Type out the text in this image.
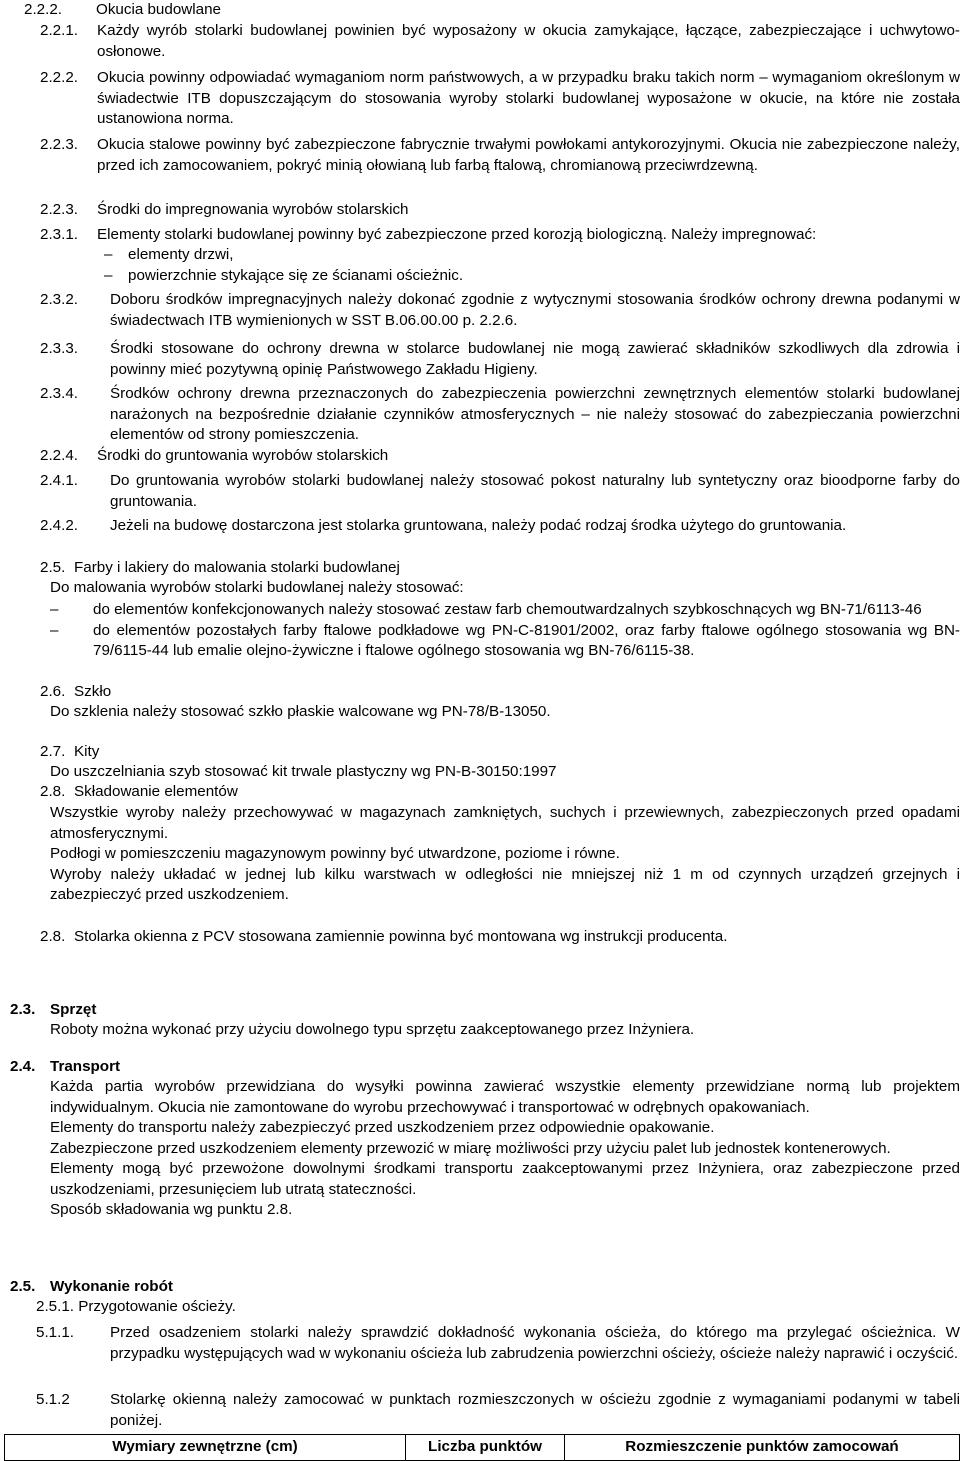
2.2.2.	Okucia budowlane
2.2.1.	Każdy wyrób stolarki budowlanej powinien być wyposażony w okucia zamykające, łączące, zabezpieczające i uchwytowo-osłonowe.
2.2.2.	Okucia powinny odpowiadać wymaganiom norm państwowych, a w przypadku braku takich norm – wymaganiom określonym w świadectwie ITB dopuszczającym do stosowania wyroby stolarki budowlanej wyposażone w okucie, na które nie została ustanowiona norma.
2.2.3.	Okucia stalowe powinny być zabezpieczone fabrycznie trwałymi powłokami antykorozyjnymi. Okucia nie zabezpieczone należy, przed ich zamocowaniem, pokryć minią ołowianą lub farbą ftalową, chromianową przeciwrdzewną.
2.2.3.	Środki do impregnowania wyrobów stolarskich
2.3.1.	Elementy stolarki budowlanej powinny być zabezpieczone przed korozją biologiczną. Należy impregnować:
–	elementy drzwi,
–	powierzchnie stykające się ze ścianami ościeżnic.
2.3.2.	Doboru środków impregnacyjnych należy dokonać zgodnie z wytycznymi stosowania środków ochrony drewna podanymi w świadectwach ITB wymienionych w SST B.06.00.00 p. 2.2.6.
2.3.3.	Środki stosowane do ochrony drewna w stolarce budowlanej nie mogą zawierać składników szkodliwych dla zdrowia i powinny mieć pozytywną opinię Państwowego Zakładu Higieny.
2.3.4.	Środków ochrony drewna przeznaczonych do zabezpieczenia powierzchni zewnętrznych elementów stolarki budowlanej narażonych na bezpośrednie działanie czynników atmosferycznych – nie należy stosować do zabezpieczania powierzchni elementów od strony pomieszczenia.
2.2.4.	Środki do gruntowania wyrobów stolarskich
2.4.1.	Do gruntowania wyrobów stolarki budowlanej należy stosować pokost naturalny lub syntetyczny oraz bioodporne farby do gruntowania.
2.4.2.	Jeżeli na budowę dostarczona jest stolarka gruntowana, należy podać rodzaj środka użytego do gruntowania.
2.5. Farby i lakiery do malowania stolarki budowlanej

Do malowania wyrobów stolarki budowlanej należy stosować:

–	do elementów konfekcjonowanych należy stosować zestaw farb chemoutwardzalnych szybkoschnących wg BN-71/6113-46
–	do elementów pozostałych farby ftalowe podkładowe wg PN-C-81901/2002, oraz farby ftalowe ogólnego stosowania wg BN-79/6115-44 lub emalie olejno-żywiczne i ftalowe ogólnego stosowania wg BN-76/6115-38.
2.6. Szkło

Do szklenia należy stosować szkło płaskie walcowane wg PN-78/B-13050.

2.7. Kity

Do uszczelniania szyb stosować kit trwale plastyczny wg PN-B-30150:1997

2.8. Składowanie elementów

Wszystkie wyroby należy przechowywać w magazynach zamkniętych, suchych i przewiewnych, zabezpieczonych przed opadami atmosferycznymi.

Podłogi w pomieszczeniu magazynowym powinny być utwardzone, poziome i równe.

Wyroby należy układać w jednej lub kilku warstwach w odległości nie mniejszej niż 1 m od czynnych urządzeń grzejnych i zabezpieczyć przed uszkodzeniem.

2.8. Stolarka okienna z PCV stosowana zamiennie powinna być montowana wg instrukcji producenta.
2.3. Sprzęt

Roboty można wykonać przy użyciu dowolnego typu sprzętu zaakceptowanego przez Inżyniera.

2.4. Transport

Każda partia wyrobów przewidziana do wysyłki powinna zawierać wszystkie elementy przewidziane normą lub projektem indywidualnym. Okucia nie zamontowane do wyrobu przechowywać i transportować w odrębnych opakowaniach.

Elementy do transportu należy zabezpieczyć przed uszkodzeniem przez odpowiednie opakowanie.

Zabezpieczone przed uszkodzeniem elementy przewozić w miarę możliwości przy użyciu palet lub jednostek kontenerowych.

Elementy mogą być przewożone dowolnymi środkami transportu zaakceptowanymi przez Inżyniera, oraz zabezpieczone przed uszkodzeniami, przesunięciem lub utratą stateczności.

Sposób składowania wg punktu 2.8.

2.5. Wykonanie robót

2.5.1. Przygotowanie ościeży.

5.1.1.	Przed osadzeniem stolarki należy sprawdzić dokładność wykonania ościeża, do którego ma przylegać ościeżnica. W przypadku występujących wad w wykonaniu ościeża lub zabrudzenia powierzchni ościeży, ościeże należy naprawić i oczyścić.
5.1.2	Stolarkę okienną należy zamocować w punktach rozmieszczonych w ościeżu zgodnie z wymaganiami podanymi w tabeli poniżej.
Wymiary zewnętrzne (cm)	Liczba punktów	Rozmieszczenie punktów zamocowań
